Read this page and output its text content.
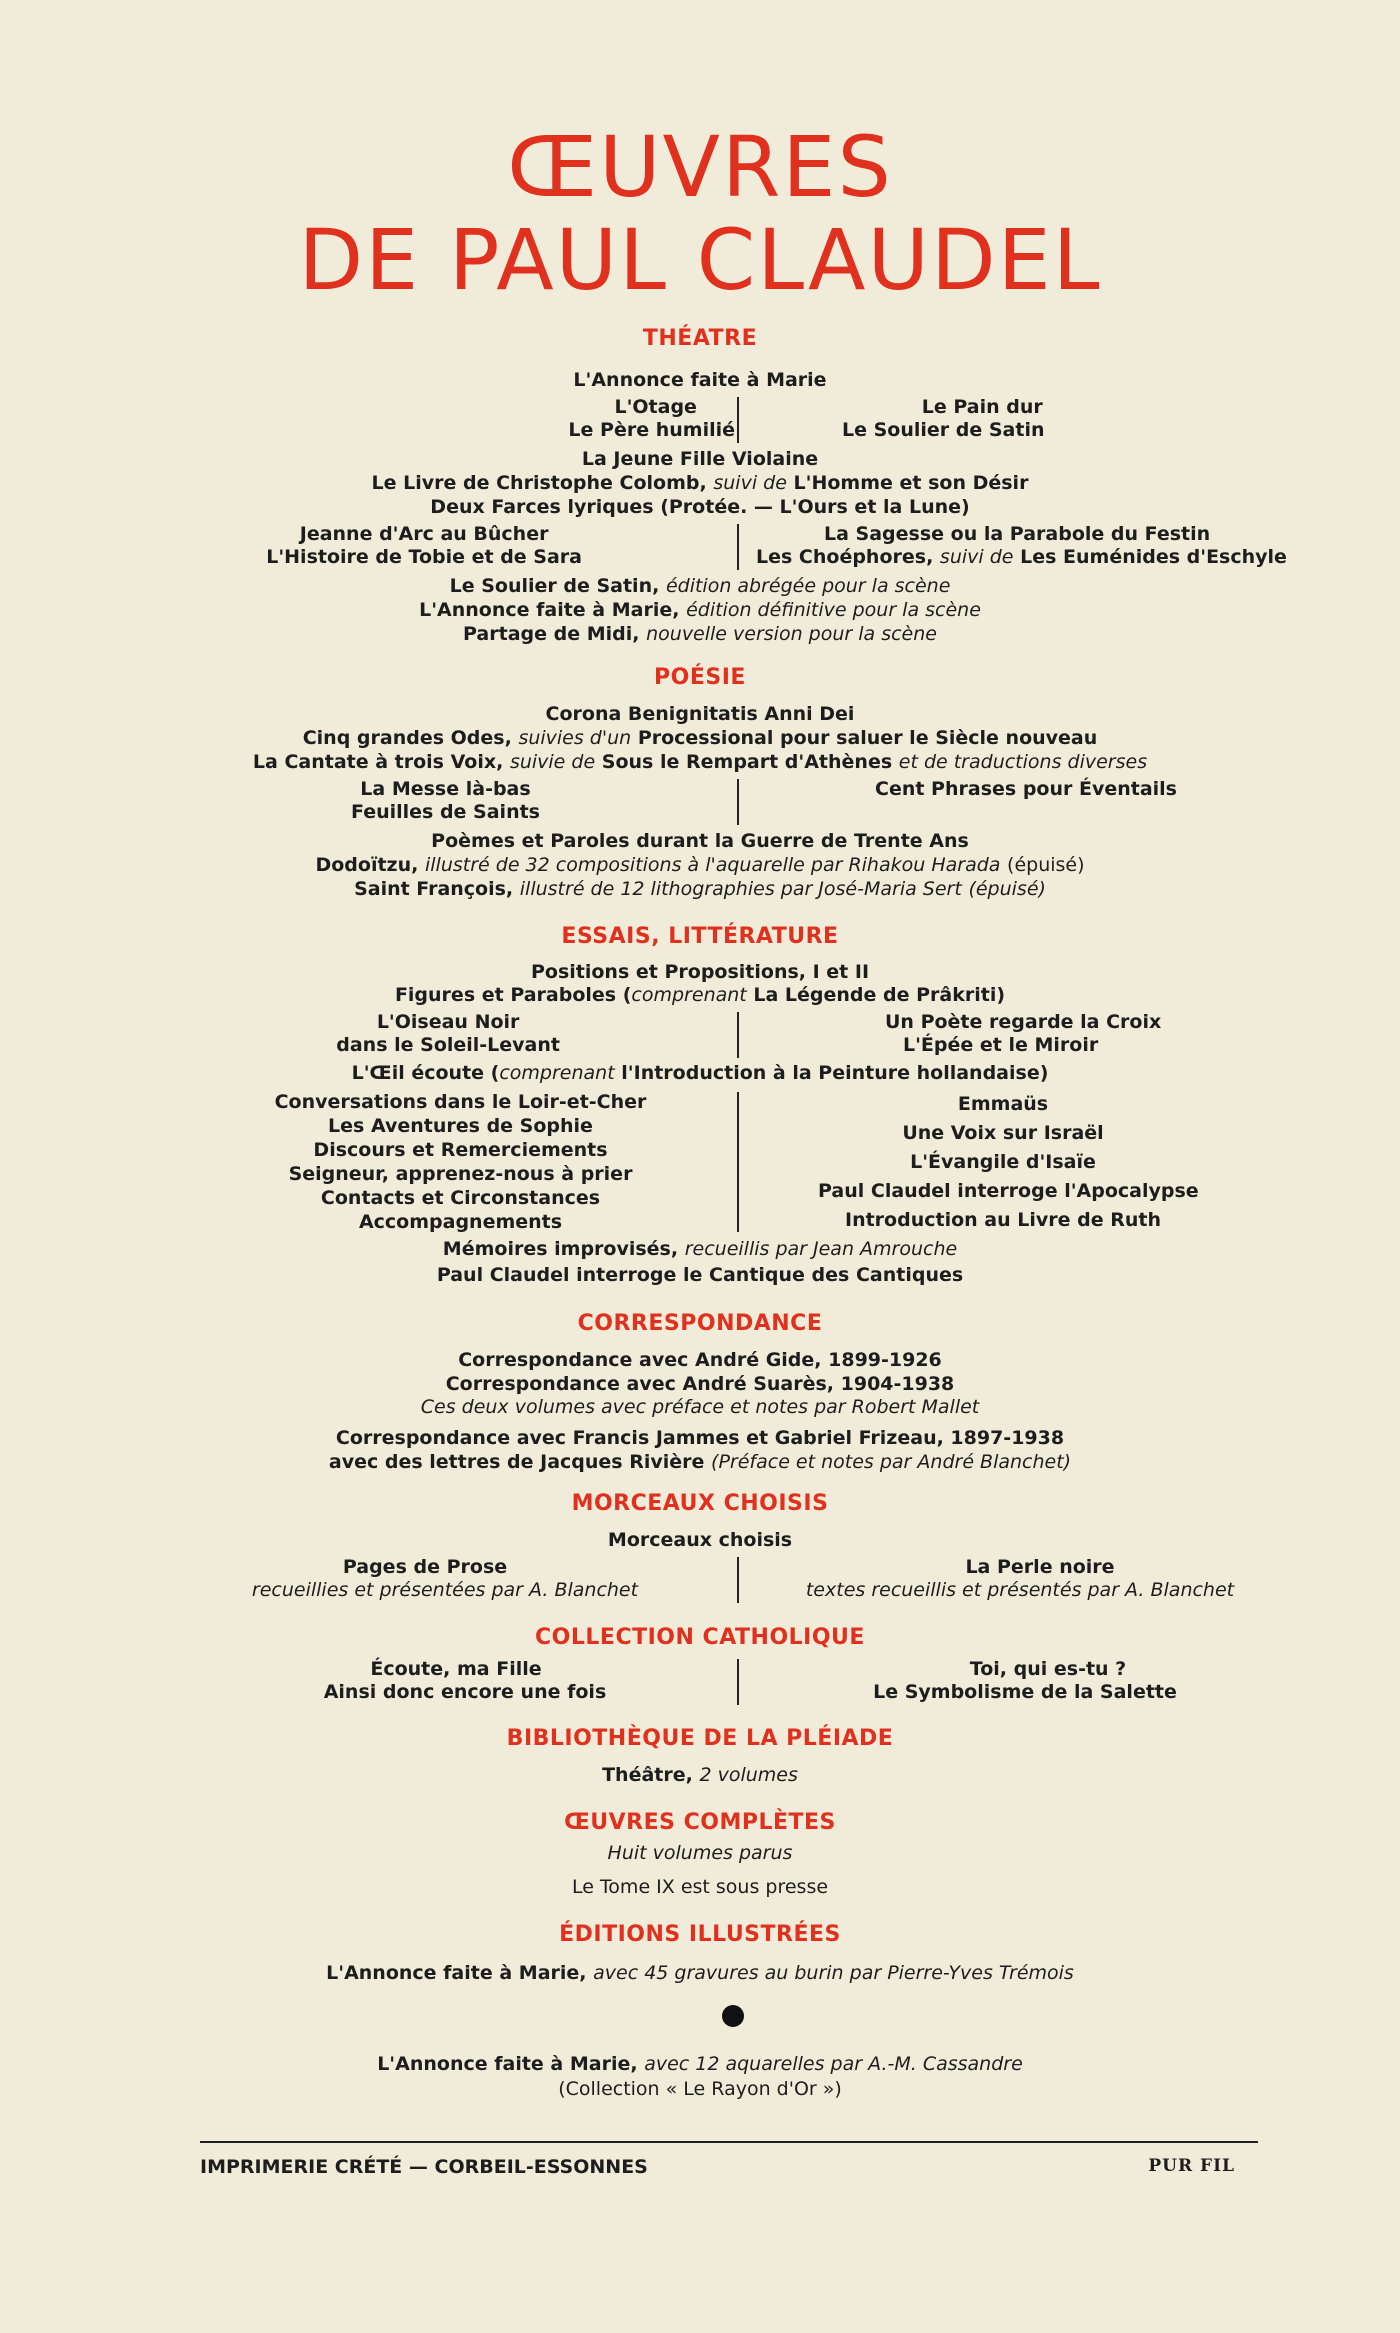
ŒUVRES
DE PAUL CLAUDEL
THÉATRE
L'Annonce faite à Marie
L'Otage
Le Père humilié
Le Pain dur
Le Soulier de Satin
La Jeune Fille Violaine
Le Livre de Christophe Colomb, suivi de L'Homme et son Désir
Deux Farces lyriques (Protée. — L'Ours et la Lune)
Jeanne d'Arc au Bûcher
L'Histoire de Tobie et de Sara
La Sagesse ou la Parabole du Festin
Les Choéphores, suivi de Les Euménides d'Eschyle
Le Soulier de Satin, édition abrégée pour la scène
L'Annonce faite à Marie, édition définitive pour la scène
Partage de Midi, nouvelle version pour la scène
POÉSIE
Corona Benignitatis Anni Dei
Cinq grandes Odes, suivies d'un Processional pour saluer le Siècle nouveau
La Cantate à trois Voix, suivie de Sous le Rempart d'Athènes et de traductions diverses
La Messe là-bas
Feuilles de Saints
Cent Phrases pour Éventails
Poèmes et Paroles durant la Guerre de Trente Ans
Dodoïtzu, illustré de 32 compositions à l'aquarelle par Rihakou Harada (épuisé)
Saint François, illustré de 12 lithographies par José-Maria Sert (épuisé)
ESSAIS, LITTÉRATURE
Positions et Propositions, I et II
Figures et Paraboles (comprenant La Légende de Prâkriti)
L'Oiseau Noir
dans le Soleil-Levant
Un Poète regarde la Croix
L'Épée et le Miroir
L'Œil écoute (comprenant l'Introduction à la Peinture hollandaise)
Conversations dans le Loir-et-Cher
Les Aventures de Sophie
Discours et Remerciements
Seigneur, apprenez-nous à prier
Contacts et Circonstances
Accompagnements
Emmaüs
Une Voix sur Israël
L'Évangile d'Isaïe
Paul Claudel interroge l'Apocalypse
Introduction au Livre de Ruth
Mémoires improvisés, recueillis par Jean Amrouche
Paul Claudel interroge le Cantique des Cantiques
CORRESPONDANCE
Correspondance avec André Gide, 1899-1926
Correspondance avec André Suarès, 1904-1938
Ces deux volumes avec préface et notes par Robert Mallet
Correspondance avec Francis Jammes et Gabriel Frizeau, 1897-1938
avec des lettres de Jacques Rivière (Préface et notes par André Blanchet)
MORCEAUX CHOISIS
Morceaux choisis
Pages de Prose
recueillies et présentées par A. Blanchet
La Perle noire
textes recueillis et présentés par A. Blanchet
COLLECTION CATHOLIQUE
Écoute, ma Fille
Ainsi donc encore une fois
Toi, qui es-tu ?
Le Symbolisme de la Salette
BIBLIOTHÈQUE DE LA PLÉIADE
Théâtre, 2 volumes
ŒUVRES COMPLÈTES
Huit volumes parus
Le Tome IX est sous presse
ÉDITIONS ILLUSTRÉES
L'Annonce faite à Marie, avec 45 gravures au burin par Pierre-Yves Trémois
L'Annonce faite à Marie, avec 12 aquarelles par A.-M. Cassandre
(Collection « Le Rayon d'Or »)
IMPRIMERIE CRÉTÉ — CORBEIL-ESSONNES	PUR FIL
